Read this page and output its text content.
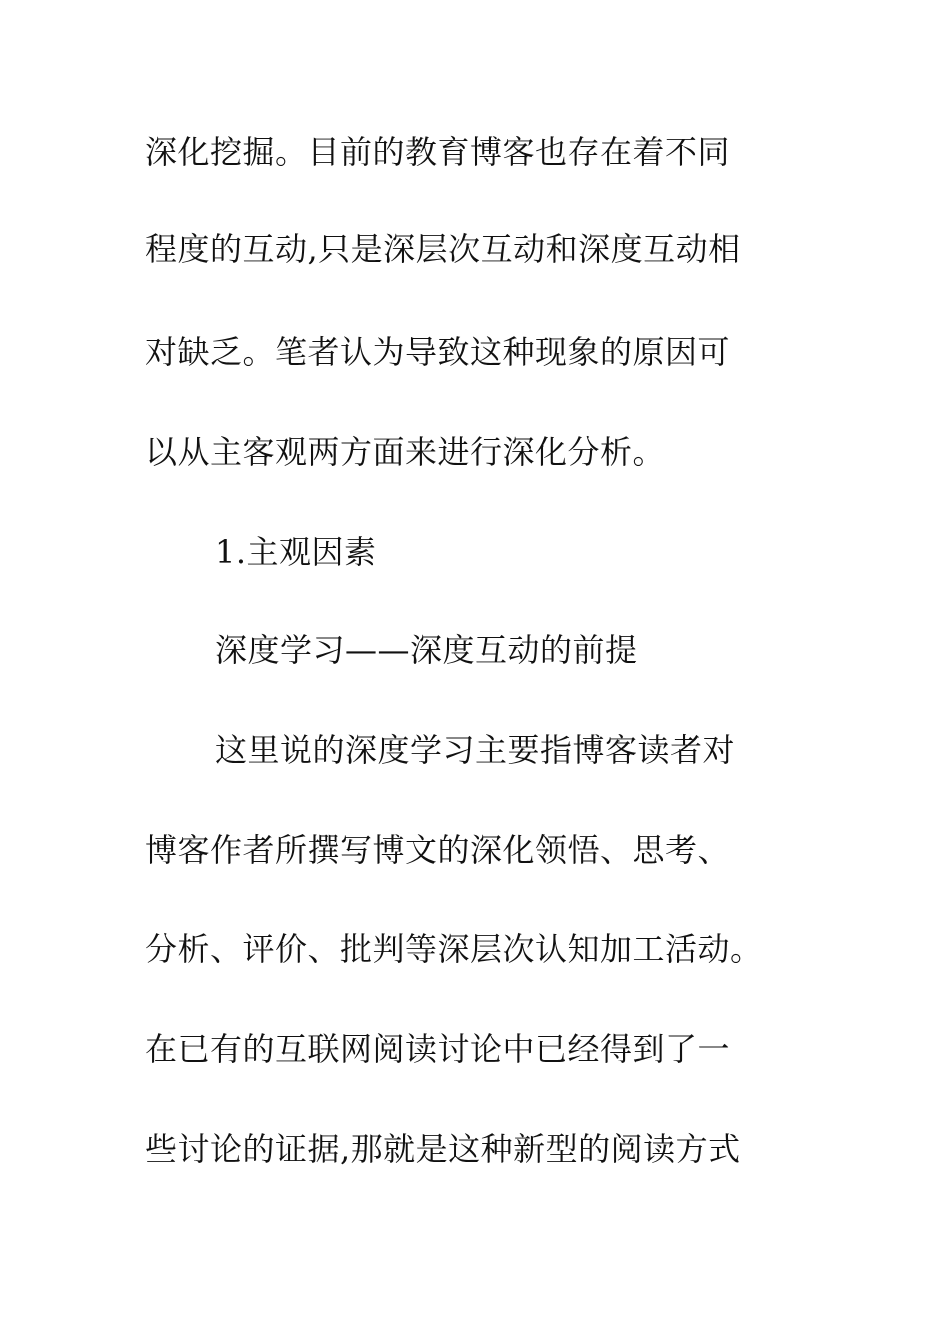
深化挖掘。目前的教育博客也存在着不同
程度的互动,只是深层次互动和深度互动相
对缺乏。笔者认为导致这种现象的原因可
以从主客观两方面来进行深化分析。
1.主观因素
深度学习——深度互动的前提
这里说的深度学习主要指博客读者对
博客作者所撰写博文的深化领悟、思考、
分析、评价、批判等深层次认知加工活动。
在已有的互联网阅读讨论中已经得到了一
些讨论的证据,那就是这种新型的阅读方式
